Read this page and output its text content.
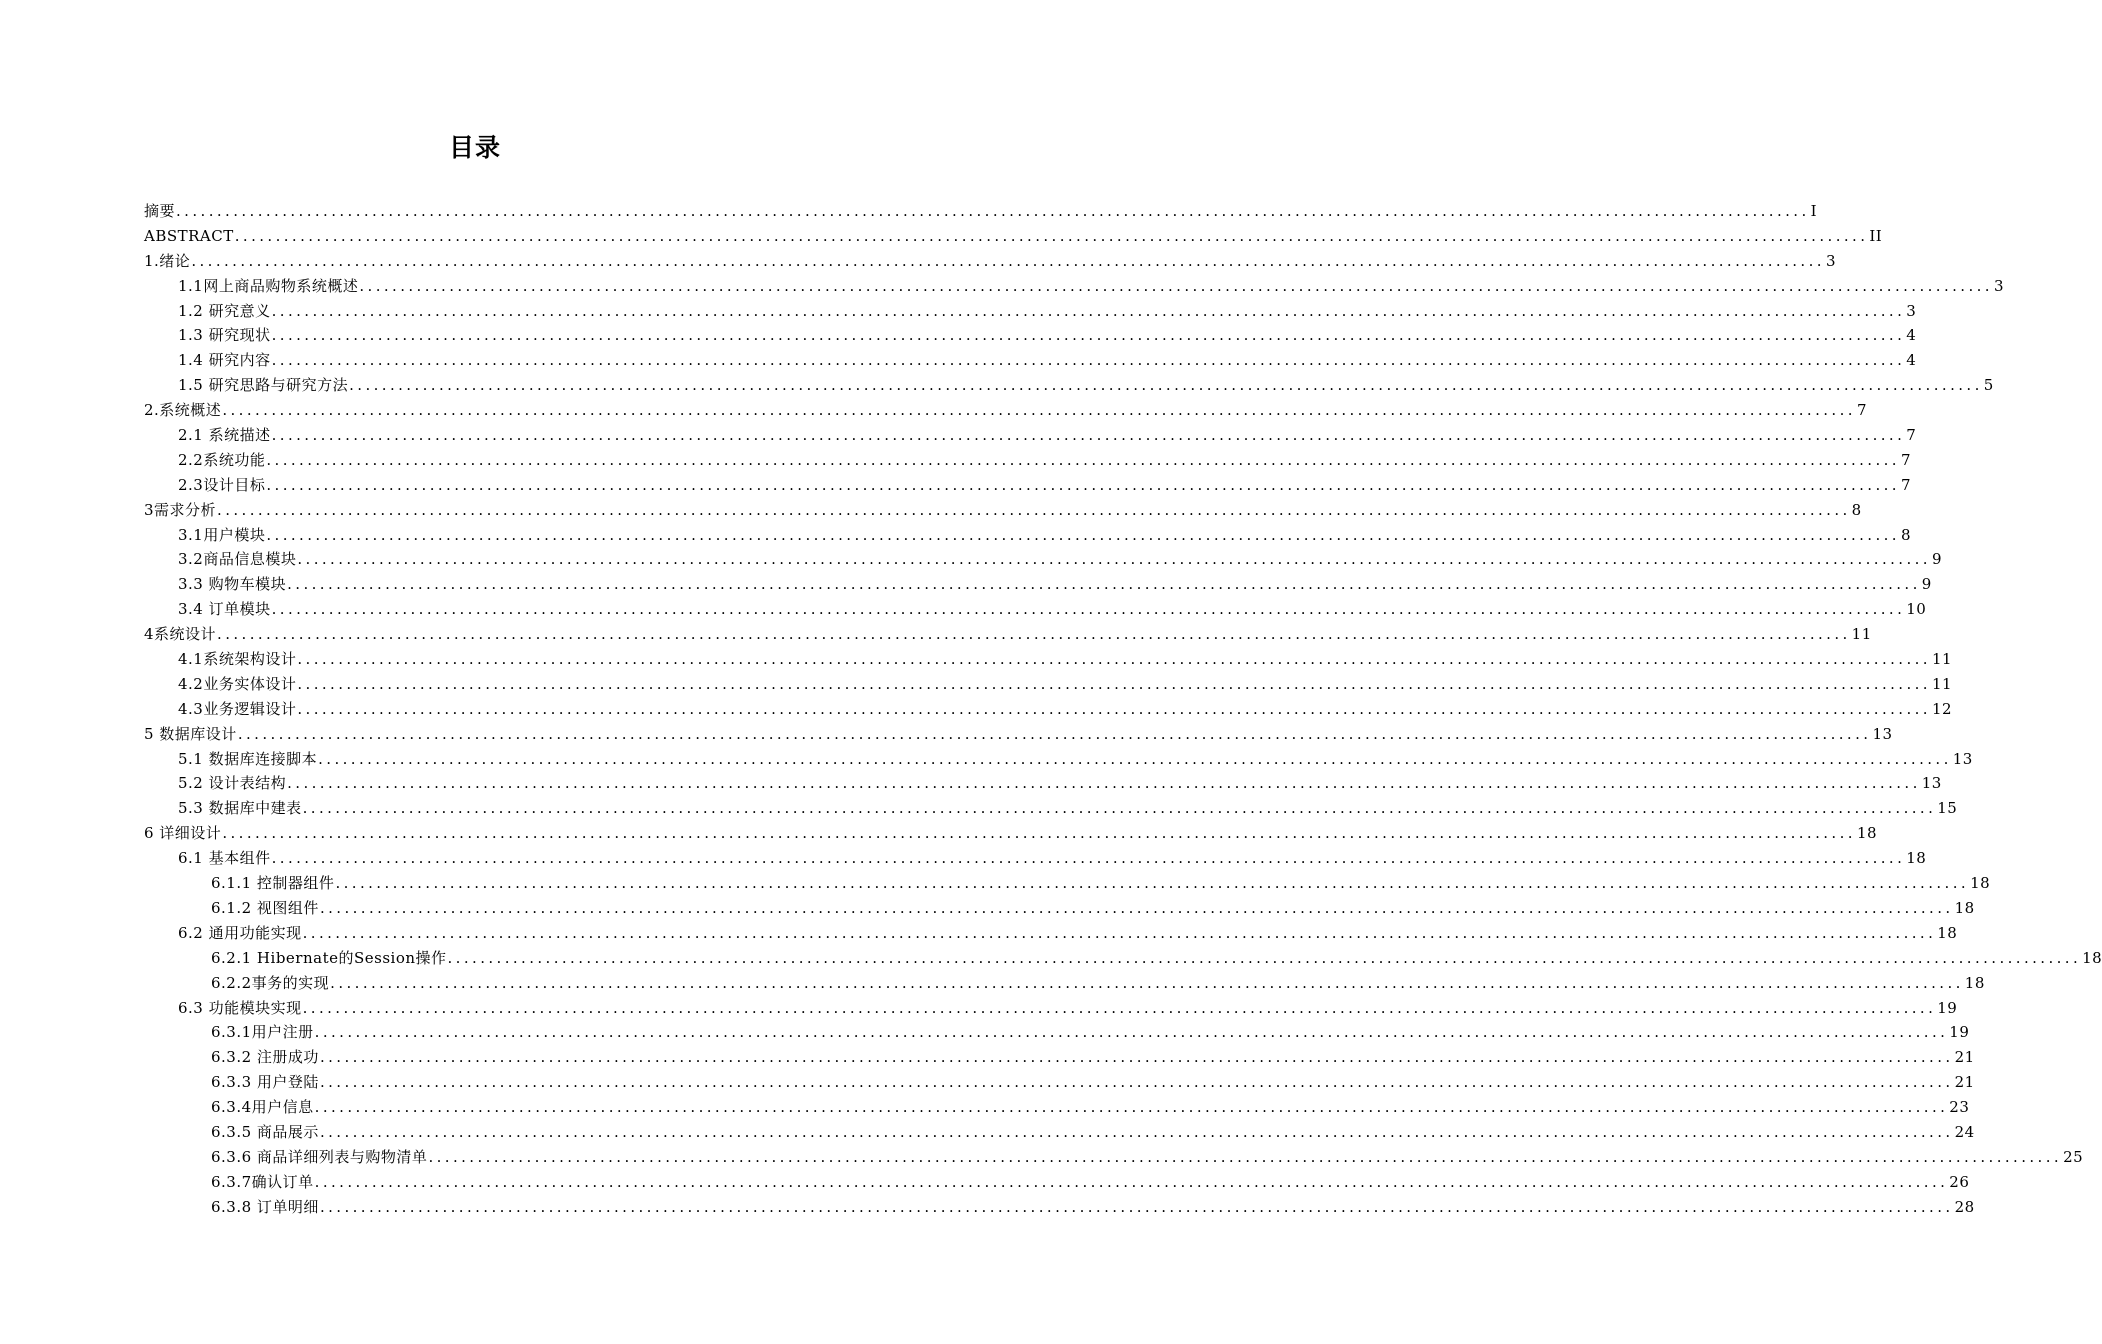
目录
摘要 ........................................................................................................................................................................................................ I
ABSTRACT ........................................................................................................................................................................................................ II
1.绪论 ........................................................................................................................................................................................................ 3
1.1网上商品购物系统概述 ........................................................................................................................................................................................................ 3
1.2 研究意义 ........................................................................................................................................................................................................ 3
1.3 研究现状 ........................................................................................................................................................................................................ 4
1.4 研究内容 ........................................................................................................................................................................................................ 4
1.5 研究思路与研究方法 ........................................................................................................................................................................................................ 5
2.系统概述 ........................................................................................................................................................................................................ 7
2.1 系统描述 ........................................................................................................................................................................................................ 7
2.2系统功能 ........................................................................................................................................................................................................ 7
2.3设计目标 ........................................................................................................................................................................................................ 7
3需求分析 ........................................................................................................................................................................................................ 8
3.1用户模块 ........................................................................................................................................................................................................ 8
3.2商品信息模块 ........................................................................................................................................................................................................ 9
3.3 购物车模块 ........................................................................................................................................................................................................ 9
3.4 订单模块 ........................................................................................................................................................................................................ 10
4系统设计 ........................................................................................................................................................................................................ 11
4.1系统架构设计 ........................................................................................................................................................................................................ 11
4.2业务实体设计 ........................................................................................................................................................................................................ 11
4.3业务逻辑设计 ........................................................................................................................................................................................................ 12
5 数据库设计 ........................................................................................................................................................................................................ 13
5.1 数据库连接脚本 ........................................................................................................................................................................................................ 13
5.2 设计表结构 ........................................................................................................................................................................................................ 13
5.3 数据库中建表 ........................................................................................................................................................................................................ 15
6 详细设计 ........................................................................................................................................................................................................ 18
6.1 基本组件 ........................................................................................................................................................................................................ 18
6.1.1 控制器组件 ........................................................................................................................................................................................................ 18
6.1.2 视图组件 ........................................................................................................................................................................................................ 18
6.2 通用功能实现 ........................................................................................................................................................................................................ 18
6.2.1 Hibernate的Session操作 ........................................................................................................................................................................................................ 18
6.2.2事务的实现 ........................................................................................................................................................................................................ 18
6.3 功能模块实现 ........................................................................................................................................................................................................ 19
6.3.1用户注册 ........................................................................................................................................................................................................ 19
6.3.2 注册成功 ........................................................................................................................................................................................................ 21
6.3.3 用户登陆 ........................................................................................................................................................................................................ 21
6.3.4用户信息 ........................................................................................................................................................................................................ 23
6.3.5 商品展示 ........................................................................................................................................................................................................ 24
6.3.6 商品详细列表与购物清单 ........................................................................................................................................................................................................ 25
6.3.7确认订单 ........................................................................................................................................................................................................ 26
6.3.8 订单明细 ........................................................................................................................................................................................................ 28
